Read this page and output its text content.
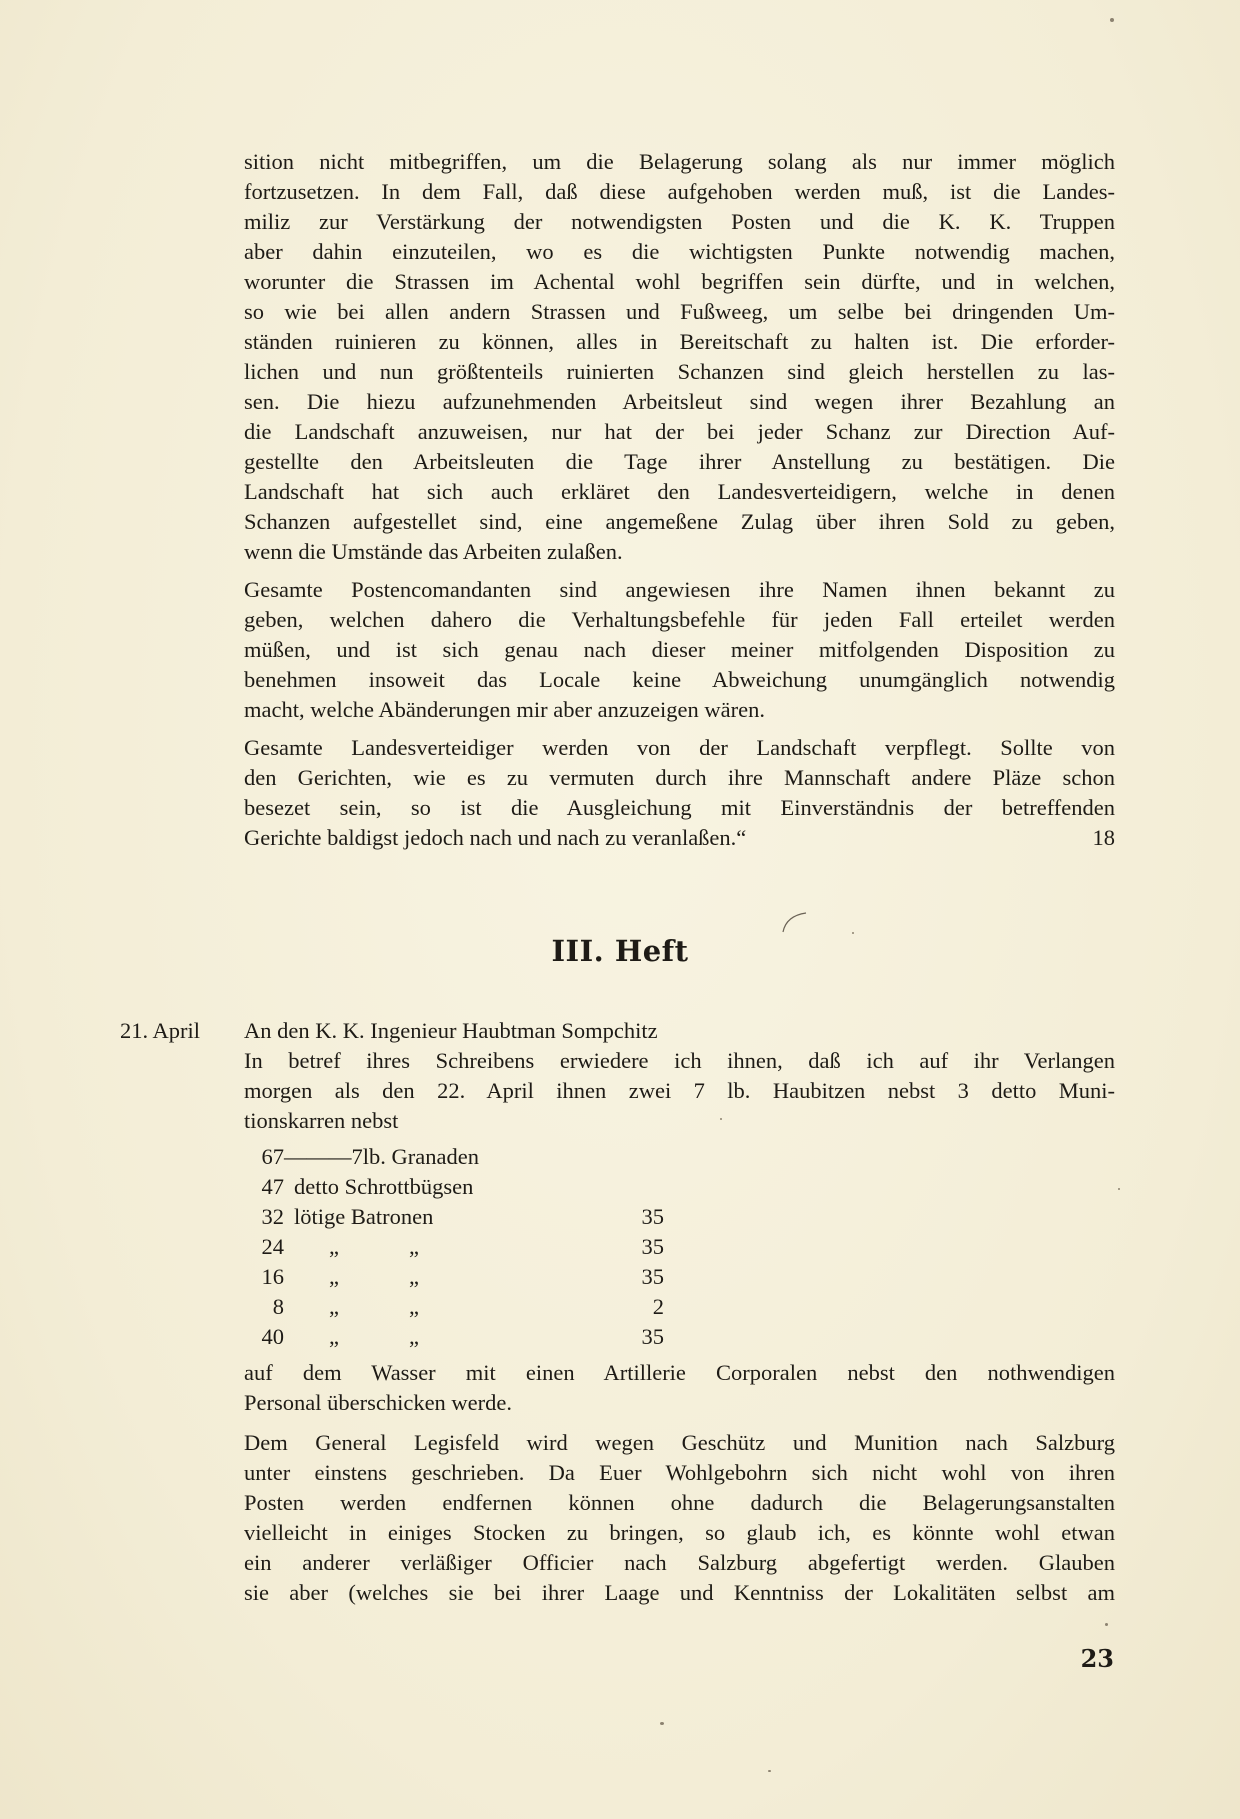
sition nicht mitbegriffen, um die Belagerung solang als nur immer möglich
fortzusetzen. In dem Fall, daß diese aufgehoben werden muß, ist die Landes-
miliz zur Verstärkung der notwendigsten Posten und die K. K. Truppen
aber dahin einzuteilen, wo es die wichtigsten Punkte notwendig machen,
worunter die Strassen im Achental wohl begriffen sein dürfte, und in welchen,
so wie bei allen andern Strassen und Fußweeg, um selbe bei dringenden Um-
ständen ruinieren zu können, alles in Bereitschaft zu halten ist. Die erforder-
lichen und nun größtenteils ruinierten Schanzen sind gleich herstellen zu las-
sen. Die hiezu aufzunehmenden Arbeitsleut sind wegen ihrer Bezahlung an
die Landschaft anzuweisen, nur hat der bei jeder Schanz zur Direction Auf-
gestellte den Arbeitsleuten die Tage ihrer Anstellung zu bestätigen. Die
Landschaft hat sich auch erkläret den Landesverteidigern, welche in denen
Schanzen aufgestellet sind, eine angemeßene Zulag über ihren Sold zu geben,
wenn die Umstände das Arbeiten zulaßen.
Gesamte Postencomandanten sind angewiesen ihre Namen ihnen bekannt zu
geben, welchen dahero die Verhaltungsbefehle für jeden Fall erteilet werden
müßen, und ist sich genau nach dieser meiner mitfolgenden Disposition zu
benehmen insoweit das Locale keine Abweichung unumgänglich notwendig
macht, welche Abänderungen mir aber anzuzeigen wären.
Gesamte Landesverteidiger werden von der Landschaft verpflegt. Sollte von
den Gerichten, wie es zu vermuten durch ihre Mannschaft andere Pläze schon
besezet sein, so ist die Ausgleichung mit Einverständnis der betreffenden
Gerichte baldigst jedoch nach und nach zu veranlaßen.“	18
III. Heft
21. April An den K. K. Ingenieur Haubtman Sompchitz
In betref ihres Schreibens erwiedere ich ihnen, daß ich auf ihr Verlangen
morgen als den 22. April ihnen zwei 7 lb. Haubitzen nebst 3 detto Muni-
tionskarren nebst
67 ———7lb. Granaden
47 detto Schrottbügsen
32 lötige Batronen	35
24	„	„	35
16	„	„	35
8	„	„	2
40	„	„	35
auf dem Wasser mit einen Artillerie Corporalen nebst den nothwendigen
Personal überschicken werde.
Dem General Legisfeld wird wegen Geschütz und Munition nach Salzburg
unter einstens geschrieben. Da Euer Wohlgebohrn sich nicht wohl von ihren
Posten werden endfernen können ohne dadurch die Belagerungsanstalten
vielleicht in einiges Stocken zu bringen, so glaub ich, es könnte wohl etwan
ein anderer verläßiger Officier nach Salzburg abgefertigt werden. Glauben
sie aber (welches sie bei ihrer Laage und Kenntniss der Lokalitäten selbst am
23
